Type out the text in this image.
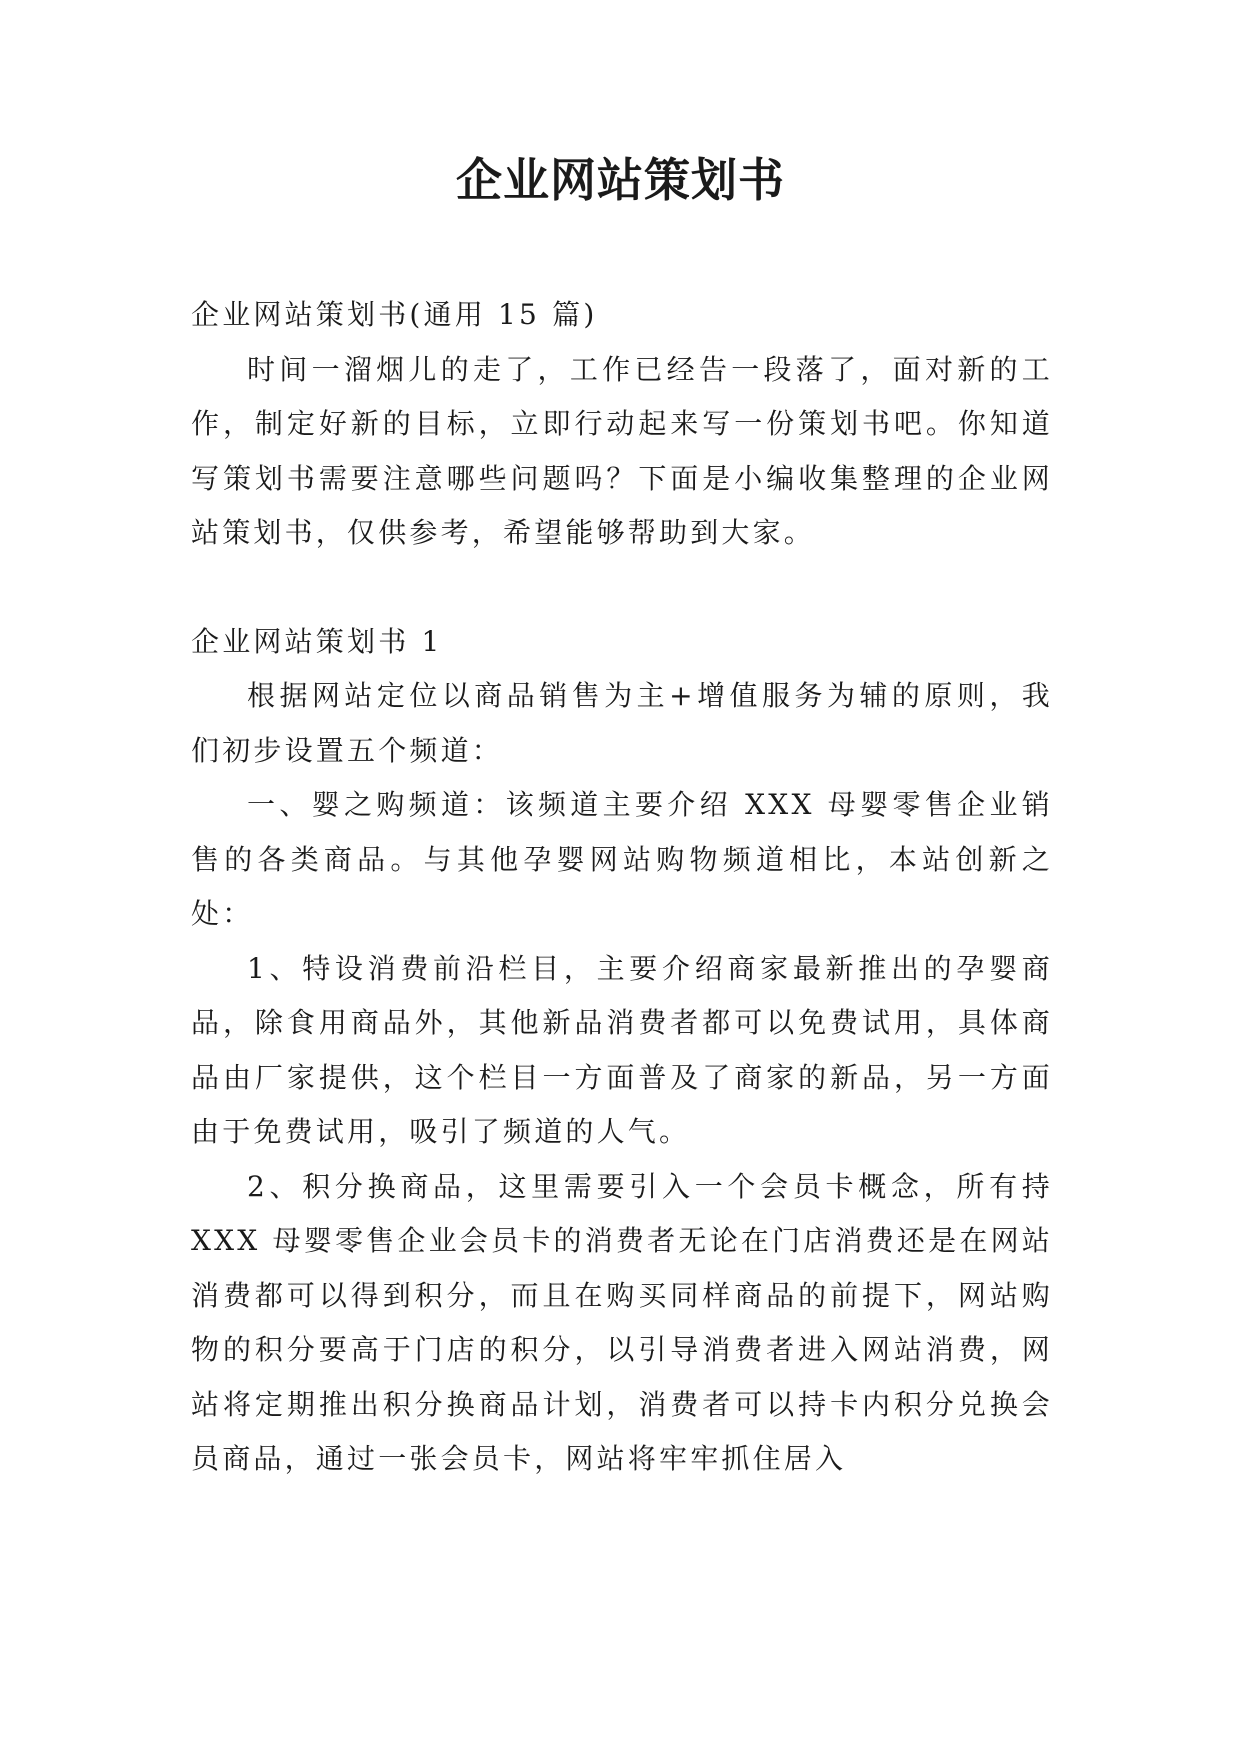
企业网站策划书

企业网站策划书(通用 15 篇)

时间一溜烟儿的走了，工作已经告一段落了，面对新的工作，制定好新的目标，立即行动起来写一份策划书吧。你知道写策划书需要注意哪些问题吗？下面是小编收集整理的企业网站策划书，仅供参考，希望能够帮助到大家。

企业网站策划书 1

根据网站定位以商品销售为主+增值服务为辅的原则，我们初步设置五个频道：

一、婴之购频道：该频道主要介绍 XXX 母婴零售企业销售的各类商品。与其他孕婴网站购物频道相比，本站创新之处：

1、特设消费前沿栏目，主要介绍商家最新推出的孕婴商品，除食用商品外，其他新品消费者都可以免费试用，具体商品由厂家提供，这个栏目一方面普及了商家的新品，另一方面由于免费试用，吸引了频道的人气。

2、积分换商品，这里需要引入一个会员卡概念，所有持 XXX 母婴零售企业会员卡的消费者无论在门店消费还是在网站消费都可以得到积分，而且在购买同样商品的前提下，网站购物的积分要高于门店的积分，以引导消费者进入网站消费，网站将定期推出积分换商品计划，消费者可以持卡内积分兑换会员商品，通过一张会员卡，网站将牢牢抓住居入
